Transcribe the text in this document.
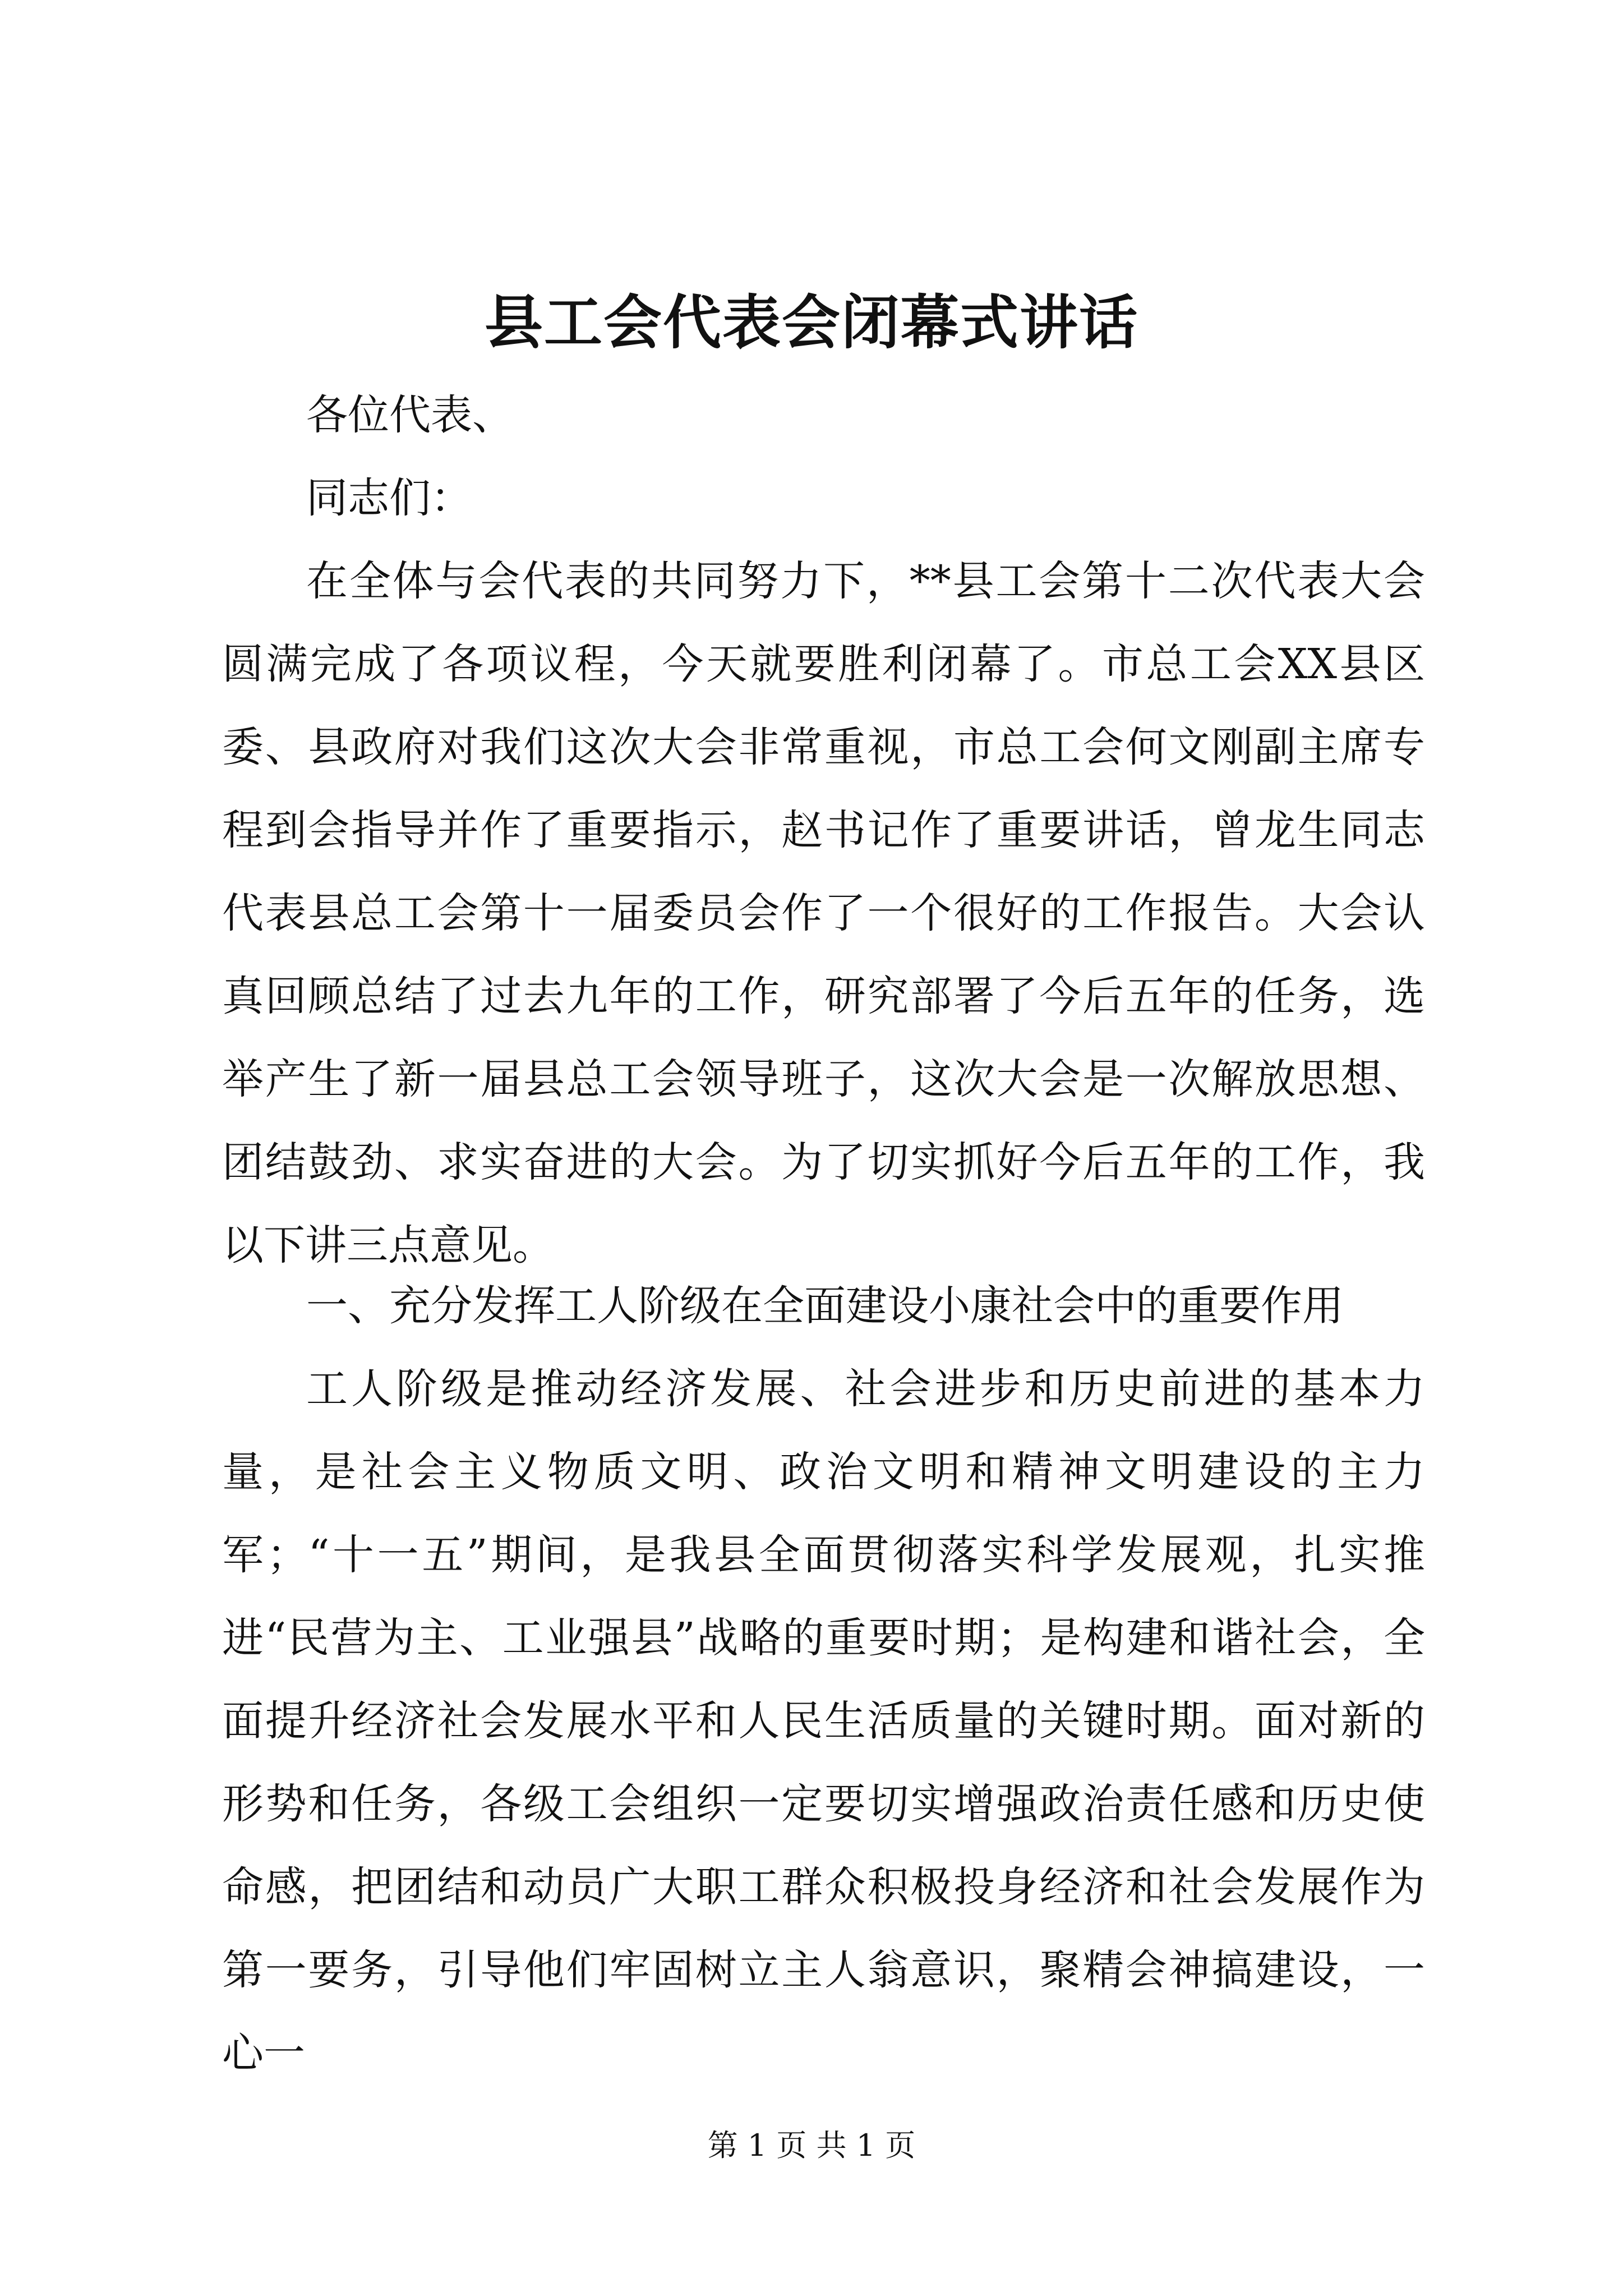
县工会代表会闭幕式讲话
各位代表、
同志们：
在全体与会代表的共同努力下，**县工会第十二次代表大会圆满完成了各项议程，今天就要胜利闭幕了。市总工会XX县区委、县政府对我们这次大会非常重视，市总工会何文刚副主席专程到会指导并作了重要指示，赵书记作了重要讲话，曾龙生同志代表县总工会第十一届委员会作了一个很好的工作报告。大会认真回顾总结了过去九年的工作，研究部署了今后五年的任务，选举产生了新一届县总工会领导班子，这次大会是一次解放思想、团结鼓劲、求实奋进的大会。为了切实抓好今后五年的工作，我以下讲三点意见。
一、充分发挥工人阶级在全面建设小康社会中的重要作用
工人阶级是推动经济发展、社会进步和历史前进的基本力量，是社会主义物质文明、政治文明和精神文明建设的主力军；“十一五”期间，是我县全面贯彻落实科学发展观，扎实推进“民营为主、工业强县”战略的重要时期；是构建和谐社会，全面提升经济社会发展水平和人民生活质量的关键时期。面对新的形势和任务，各级工会组织一定要切实增强政治责任感和历史使命感，把团结和动员广大职工群众积极投身经济和社会发展作为第一要务，引导他们牢固树立主人翁意识，聚精会神搞建设，一心一
第 1 页 共 1 页
